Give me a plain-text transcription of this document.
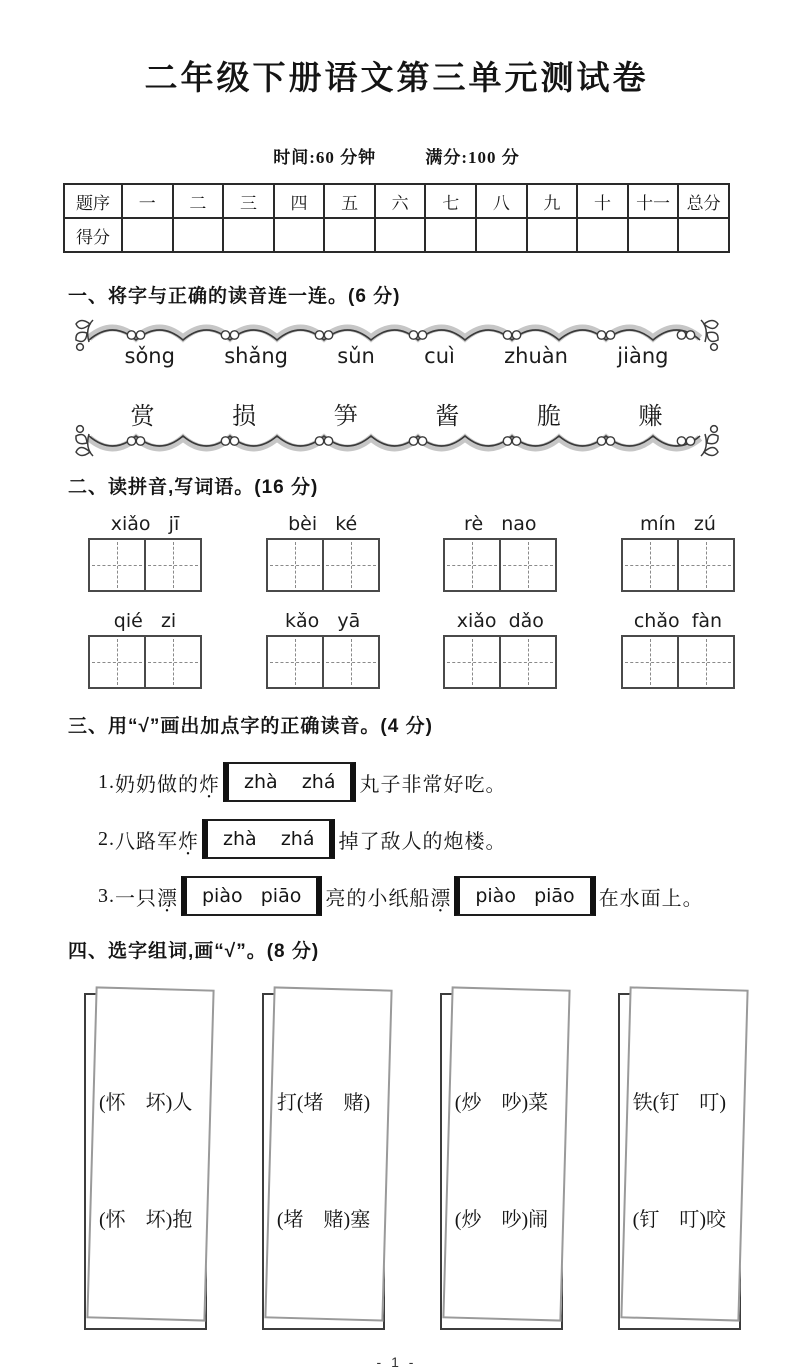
二年级下册语文第三单元测试卷
时间:60 分钟	满分:100 分
题序	一	二	三	四	五	六	七	八	九	十	十一	总分
得分												
一、将字与正确的读音连一连。(6 分)
sǒng shǎng sǔn cuì zhuàn jiàng
赏	损	笋	酱	脆	赚
二、读拼音,写词语。(16 分)
xiǎo   jī	bèi   ké	rè   nao	mín   zú
qié   zi	kǎo   yā	xiǎo  dǎo	chǎo  fàn
三、用“√”画出加点字的正确读音。(4 分)
1. 奶奶做的 炸 •	zhà    zhá	丸子非常好吃。
2. 八路军 炸 •	zhà    zhá	掉了敌人的炮楼。
3. 一只 漂 •	piào   piāo	亮的小纸船 漂 •	piào   piāo	在水面上。
四、选字组词,画“√”。(8 分)

(怀　坏)人

(怀　坏)抱

打(堵　赌)

(堵　赌)塞

(炒　吵)菜

(炒　吵)闹

铁(钉　叮)

(钉　叮)咬

- 1 -
